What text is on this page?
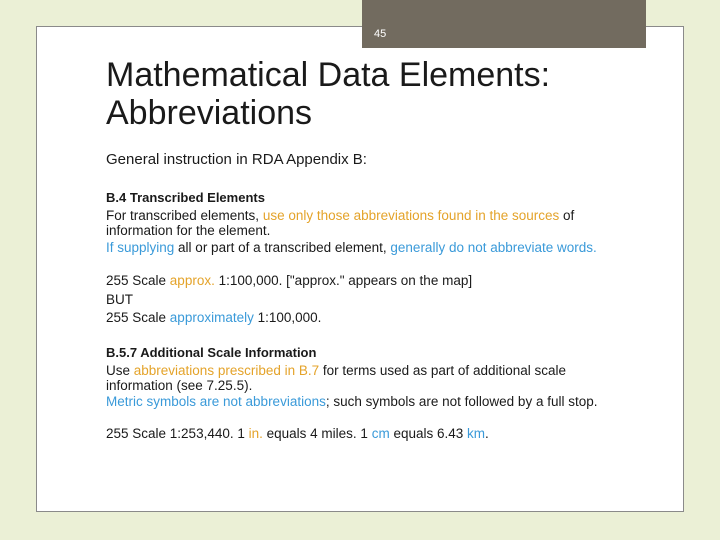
45
Mathematical Data Elements:
Abbreviations

General instruction in RDA Appendix B:

B.4 Transcribed Elements

For transcribed elements, use only those abbreviations found in the sources of information for the element.

If supplying all or part of a transcribed element, generally do not abbreviate words.

255 Scale approx. 1:100,000. ["approx." appears on the map]

BUT

255 Scale approximately 1:100,000.

B.5.7 Additional Scale Information

Use abbreviations prescribed in B.7 for terms used as part of additional scale information (see 7.25.5).

Metric symbols are not abbreviations; such symbols are not followed by a full stop.

255 Scale 1:253,440. 1 in. equals 4 miles. 1 cm equals 6.43 km.
